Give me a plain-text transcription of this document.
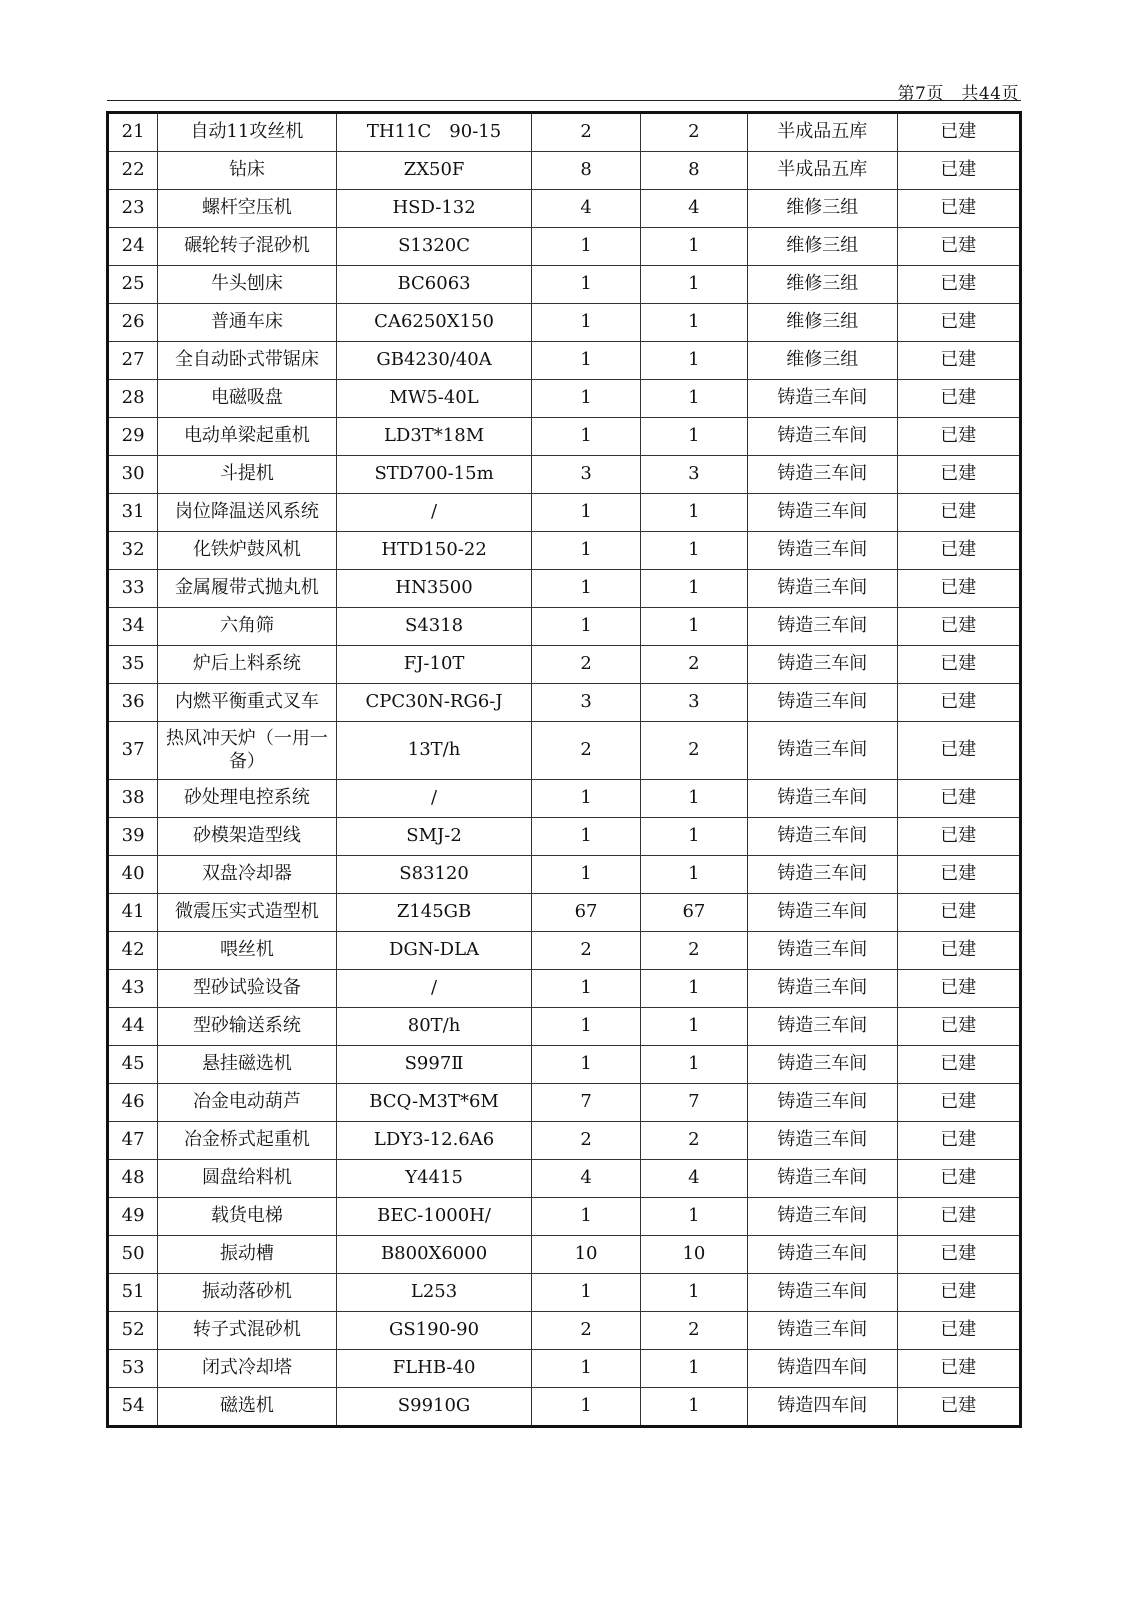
第7页　共44页
21	自动11攻丝机	TH11C　90-15	2	2	半成品五库	已建
22	钻床	ZX50F	8	8	半成品五库	已建
23	螺杆空压机	HSD-132	4	4	维修三组	已建
24	碾轮转子混砂机	S1320C	1	1	维修三组	已建
25	牛头刨床	BC6063	1	1	维修三组	已建
26	普通车床	CA6250X150	1	1	维修三组	已建
27	全自动卧式带锯床	GB4230/40A	1	1	维修三组	已建
28	电磁吸盘	MW5-40L	1	1	铸造三车间	已建
29	电动单梁起重机	LD3T*18M	1	1	铸造三车间	已建
30	斗提机	STD700-15m	3	3	铸造三车间	已建
31	岗位降温送风系统	/	1	1	铸造三车间	已建
32	化铁炉鼓风机	HTD150-22	1	1	铸造三车间	已建
33	金属履带式抛丸机	HN3500	1	1	铸造三车间	已建
34	六角筛	S4318	1	1	铸造三车间	已建
35	炉后上料系统	FJ-10T	2	2	铸造三车间	已建
36	内燃平衡重式叉车	CPC30N-RG6-J	3	3	铸造三车间	已建
37	热风冲天炉（一用一备）	13T/h	2	2	铸造三车间	已建
38	砂处理电控系统	/	1	1	铸造三车间	已建
39	砂模架造型线	SMJ-2	1	1	铸造三车间	已建
40	双盘冷却器	S83120	1	1	铸造三车间	已建
41	微震压实式造型机	Z145GB	67	67	铸造三车间	已建
42	喂丝机	DGN-DLA	2	2	铸造三车间	已建
43	型砂试验设备	/	1	1	铸造三车间	已建
44	型砂输送系统	80T/h	1	1	铸造三车间	已建
45	悬挂磁选机	S997Ⅱ	1	1	铸造三车间	已建
46	冶金电动葫芦	BCQ-M3T*6M	7	7	铸造三车间	已建
47	冶金桥式起重机	LDY3-12.6A6	2	2	铸造三车间	已建
48	圆盘给料机	Y4415	4	4	铸造三车间	已建
49	载货电梯	BEC-1000H/	1	1	铸造三车间	已建
50	振动槽	B800X6000	10	10	铸造三车间	已建
51	振动落砂机	L253	1	1	铸造三车间	已建
52	转子式混砂机	GS190-90	2	2	铸造三车间	已建
53	闭式冷却塔	FLHB-40	1	1	铸造四车间	已建
54	磁选机	S9910G	1	1	铸造四车间	已建
